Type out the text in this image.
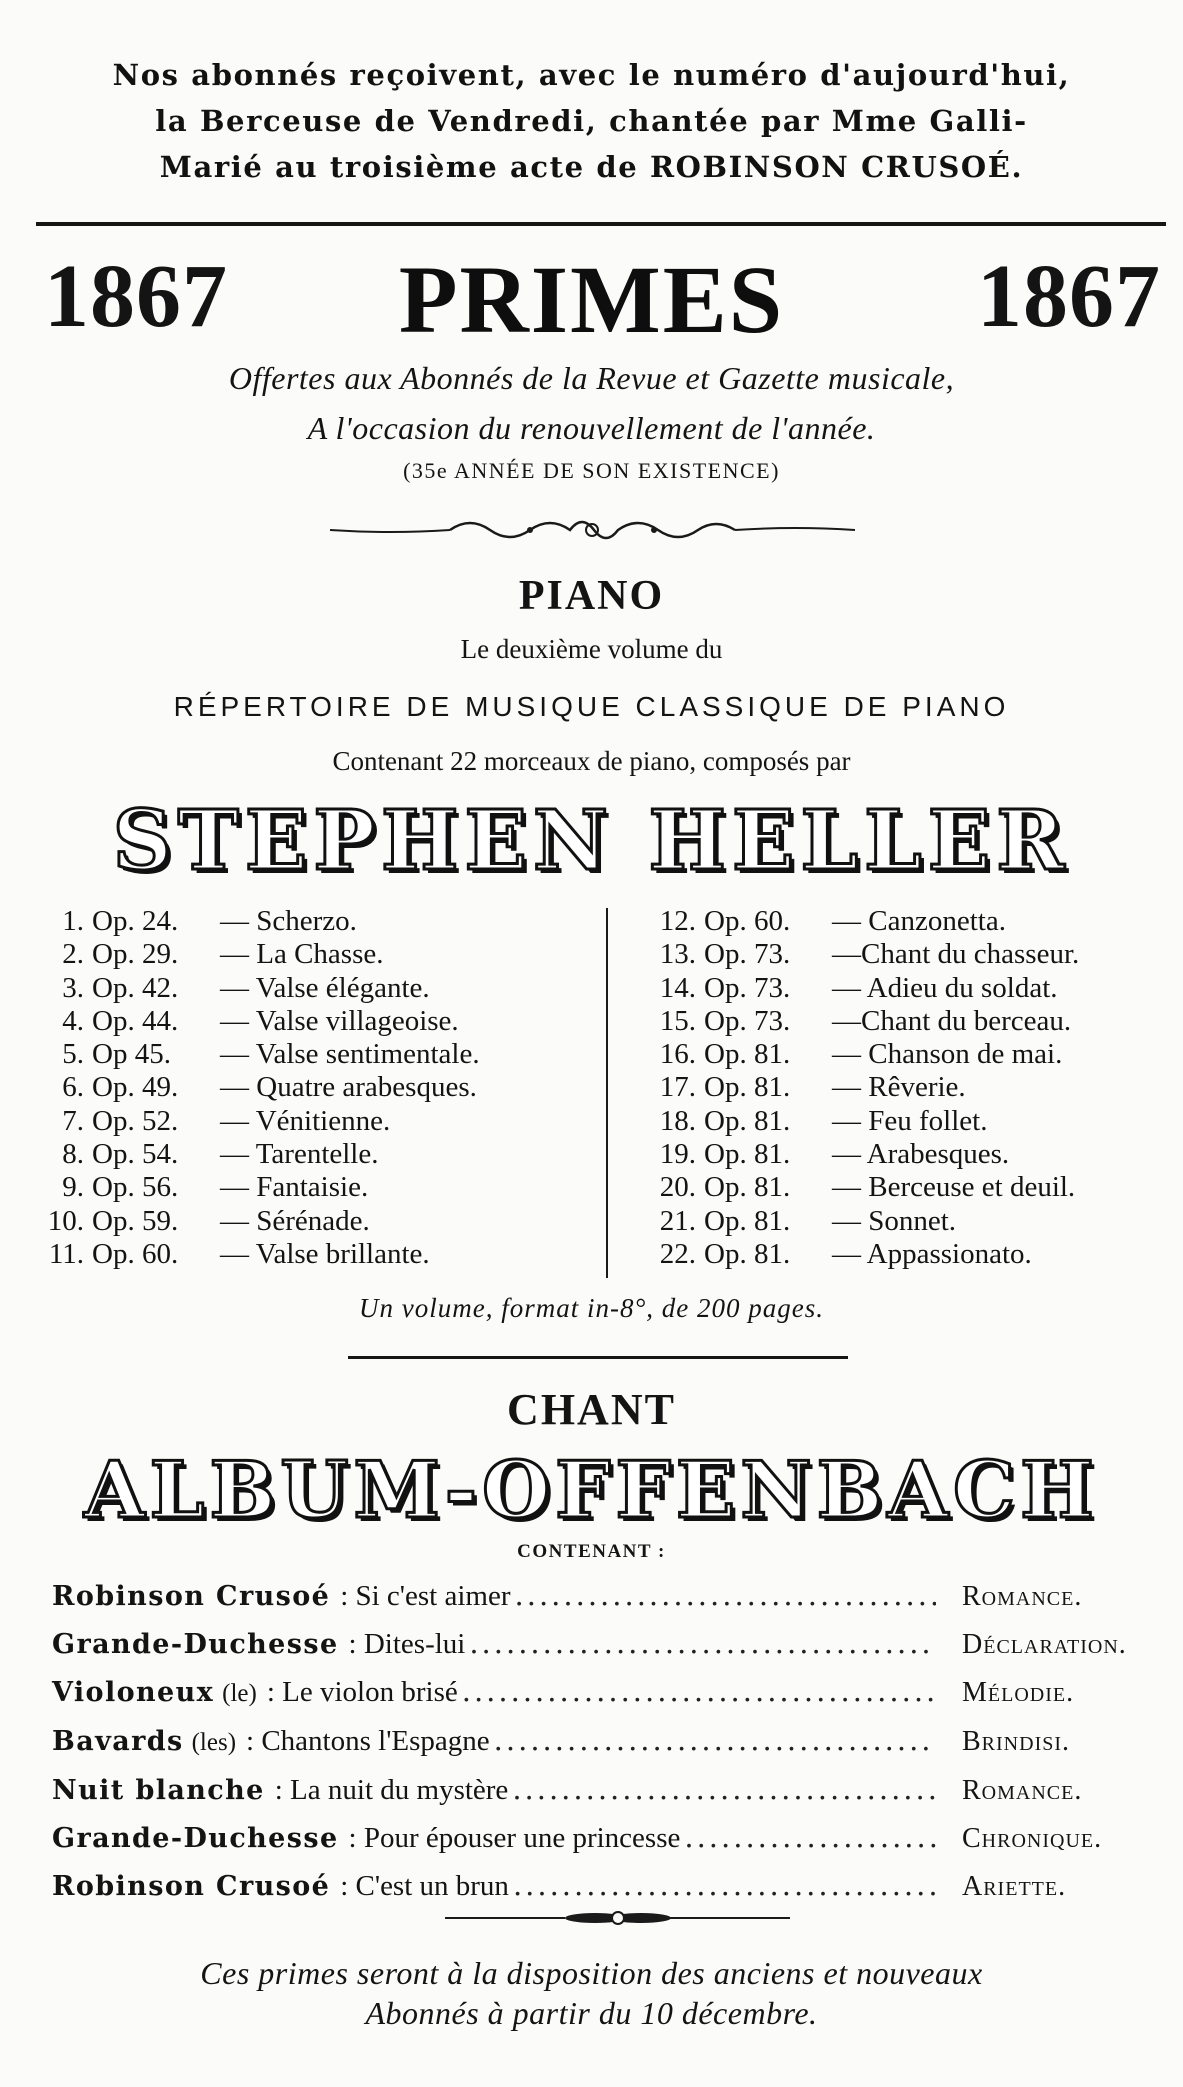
Nos abonnés reçoivent, avec le numéro d'aujourd'hui,
la Berceuse de Vendredi, chantée par Mme Galli-
Marié au troisième acte de ROBINSON CRUSOÉ.
1867	PRIMES	1867
Offertes aux Abonnés de la Revue et Gazette musicale,
A l'occasion du renouvellement de l'année.
(35e ANNÉE DE SON EXISTENCE)
PIANO
Le deuxième volume du
RÉPERTOIRE DE MUSIQUE CLASSIQUE DE PIANO
Contenant 22 morceaux de piano, composés par
STEPHEN HELLER
1. Op. 24.	— Scherzo.
2. Op. 29.	— La Chasse.
3. Op. 42.	— Valse élégante.
4. Op. 44.	— Valse villageoise.
5. Op 45.	— Valse sentimentale.
6. Op. 49.	— Quatre arabesques.
7. Op. 52.	— Vénitienne.
8. Op. 54.	— Tarentelle.
9. Op. 56.	— Fantaisie.
10. Op. 59.	— Sérénade.
11. Op. 60.	— Valse brillante.
12. Op. 60.	— Canzonetta.
13. Op. 73.	—Chant du chasseur.
14. Op. 73.	— Adieu du soldat.
15. Op. 73.	—Chant du berceau.
16. Op. 81.	— Chanson de mai.
17. Op. 81.	— Rêverie.
18. Op. 81.	— Feu follet.
19. Op. 81.	— Arabesques.
20. Op. 81.	— Berceuse et deuil.
21. Op. 81.	— Sonnet.
22. Op. 81.	— Appassionato.
Un volume, format in-8°, de 200 pages.
CHANT
ALBUM-OFFENBACH
CONTENANT :
Robinson Crusoé : Si c'est aimer .....	Romance.
Grande-Duchesse : Dites-lui .....	Déclaration.
Violoneux (le) : Le violon brisé .....	Mélodie.
Bavards (les) : Chantons l'Espagne .....	Brindisi.
Nuit blanche : La nuit du mystère .....	Romance.
Grande-Duchesse : Pour épouser une princesse .....	Chronique.
Robinson Crusoé : C'est un brun .....	Ariette.
Ces primes seront à la disposition des anciens et nouveaux
Abonnés à partir du 10 décembre.
